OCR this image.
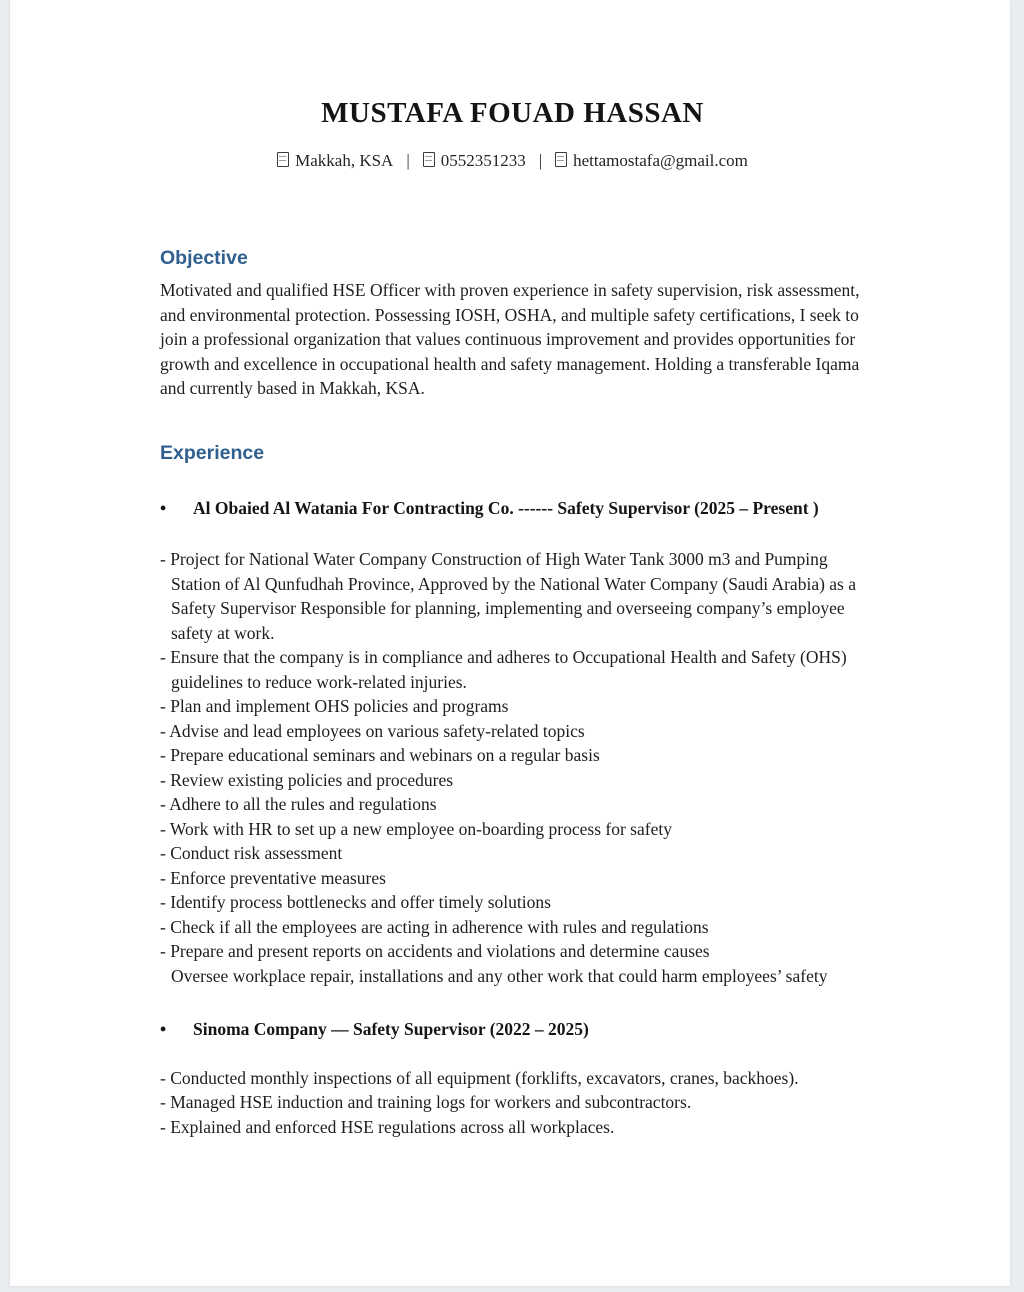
MUSTAFA FOUAD HASSAN
Makkah, KSA | 0552351233 | hettamostafa@gmail.com
Objective
Motivated and qualified HSE Officer with proven experience in safety supervision, risk assessment, and environmental protection. Possessing IOSH, OSHA, and multiple safety certifications, I seek to join a professional organization that values continuous improvement and provides opportunities for growth and excellence in occupational health and safety management. Holding a transferable Iqama and currently based in Makkah, KSA.
Experience
•	Al Obaied Al Watania For Contracting Co. ------ Safety Supervisor (2025 – Present )
- Project for National Water Company Construction of High Water Tank 3000 m3 and Pumping Station of Al Qunfudhah Province, Approved by the National Water Company (Saudi Arabia) as a Safety Supervisor Responsible for planning, implementing and overseeing company’s employee safety at work.
- Ensure that the company is in compliance and adheres to Occupational Health and Safety (OHS) guidelines to reduce work-related injuries.
- Plan and implement OHS policies and programs
- Advise and lead employees on various safety-related topics
- Prepare educational seminars and webinars on a regular basis
- Review existing policies and procedures
- Adhere to all the rules and regulations
- Work with HR to set up a new employee on-boarding process for safety
- Conduct risk assessment
- Enforce preventative measures
- Identify process bottlenecks and offer timely solutions
- Check if all the employees are acting in adherence with rules and regulations
- Prepare and present reports on accidents and violations and determine causes
Oversee workplace repair, installations and any other work that could harm employees’ safety
•	Sinoma Company — Safety Supervisor (2022 – 2025)
- Conducted monthly inspections of all equipment (forklifts, excavators, cranes, backhoes).
- Managed HSE induction and training logs for workers and subcontractors.
- Explained and enforced HSE regulations across all workplaces.
